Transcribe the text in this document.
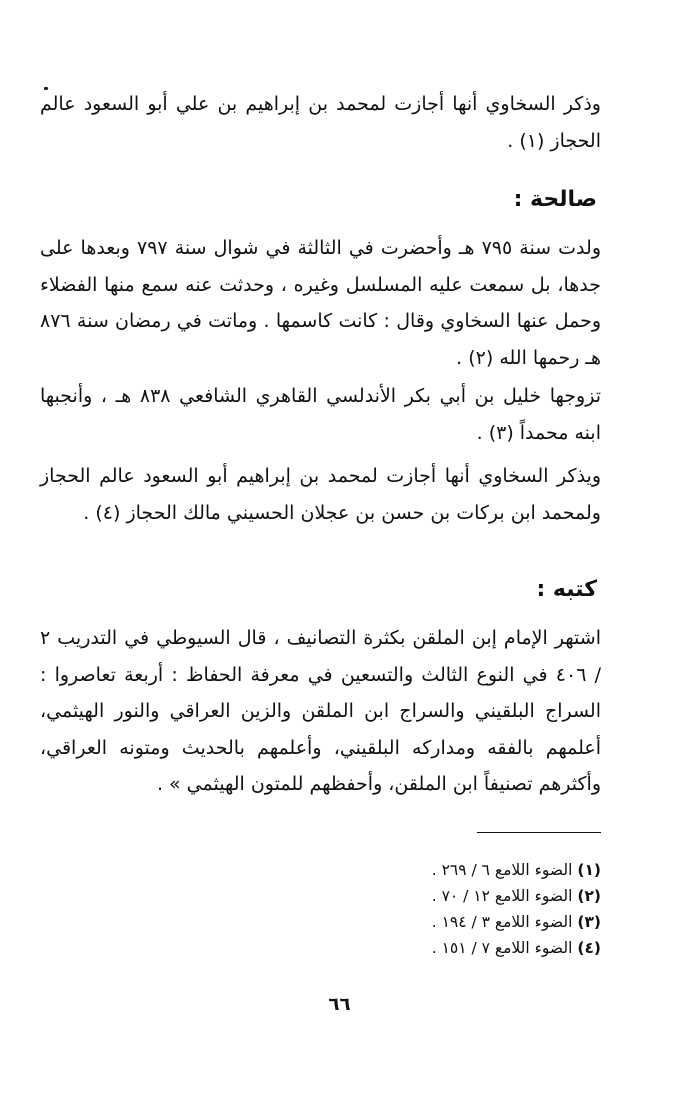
وذكر السخاوي أنها أجازت لمحمد بن إبراهيم بن علي أبو السعود عالم الحجاز (١) .

صالحة :

ولدت سنة ٧٩٥ هـ وأحضرت في الثالثة في شوال سنة ٧٩٧ وبعدها على جدها، بل سمعت عليه المسلسل وغيره ، وحدثت عنه سمع منها الفضلاء وحمل عنها السخاوي وقال : كانت كاسمها . وماتت في رمضان سنة ٨٧٦ هـ رحمها الله (٢) .

تزوجها خليل بن أبي بكر الأندلسي القاهري الشافعي ٨٣٨ هـ ، وأنجبها ابنه محمداً (٣) .

ويذكر السخاوي أنها أجازت لمحمد بن إبراهيم أبو السعود عالم الحجاز ولمحمد ابن بركات بن حسن بن عجلان الحسيني مالك الحجاز (٤) .

كتبه :

اشتهر الإمام إبن الملقن بكثرة التصانيف ، قال السيوطي في التدريب ٢ / ٤٠٦ في النوع الثالث والتسعين في معرفة الحفاظ : أربعة تعاصروا : السراج البلقيني والسراج ابن الملقن والزين العراقي والنور الهيثمي، أعلمهم بالفقه ومداركه البلقيني، وأعلمهم بالحديث ومتونه العراقي، وأكثرهم تصنيفاً ابن الملقن، وأحفظهم للمتون الهيثمي » .

(١) الضوء اللامع ٦ / ٢٦٩ .
(٢) الضوء اللامع ١٢ / ٧٠ .
(٣) الضوء اللامع ٣ / ١٩٤ .
(٤) الضوء اللامع ٧ / ١٥١ .
٦٦
